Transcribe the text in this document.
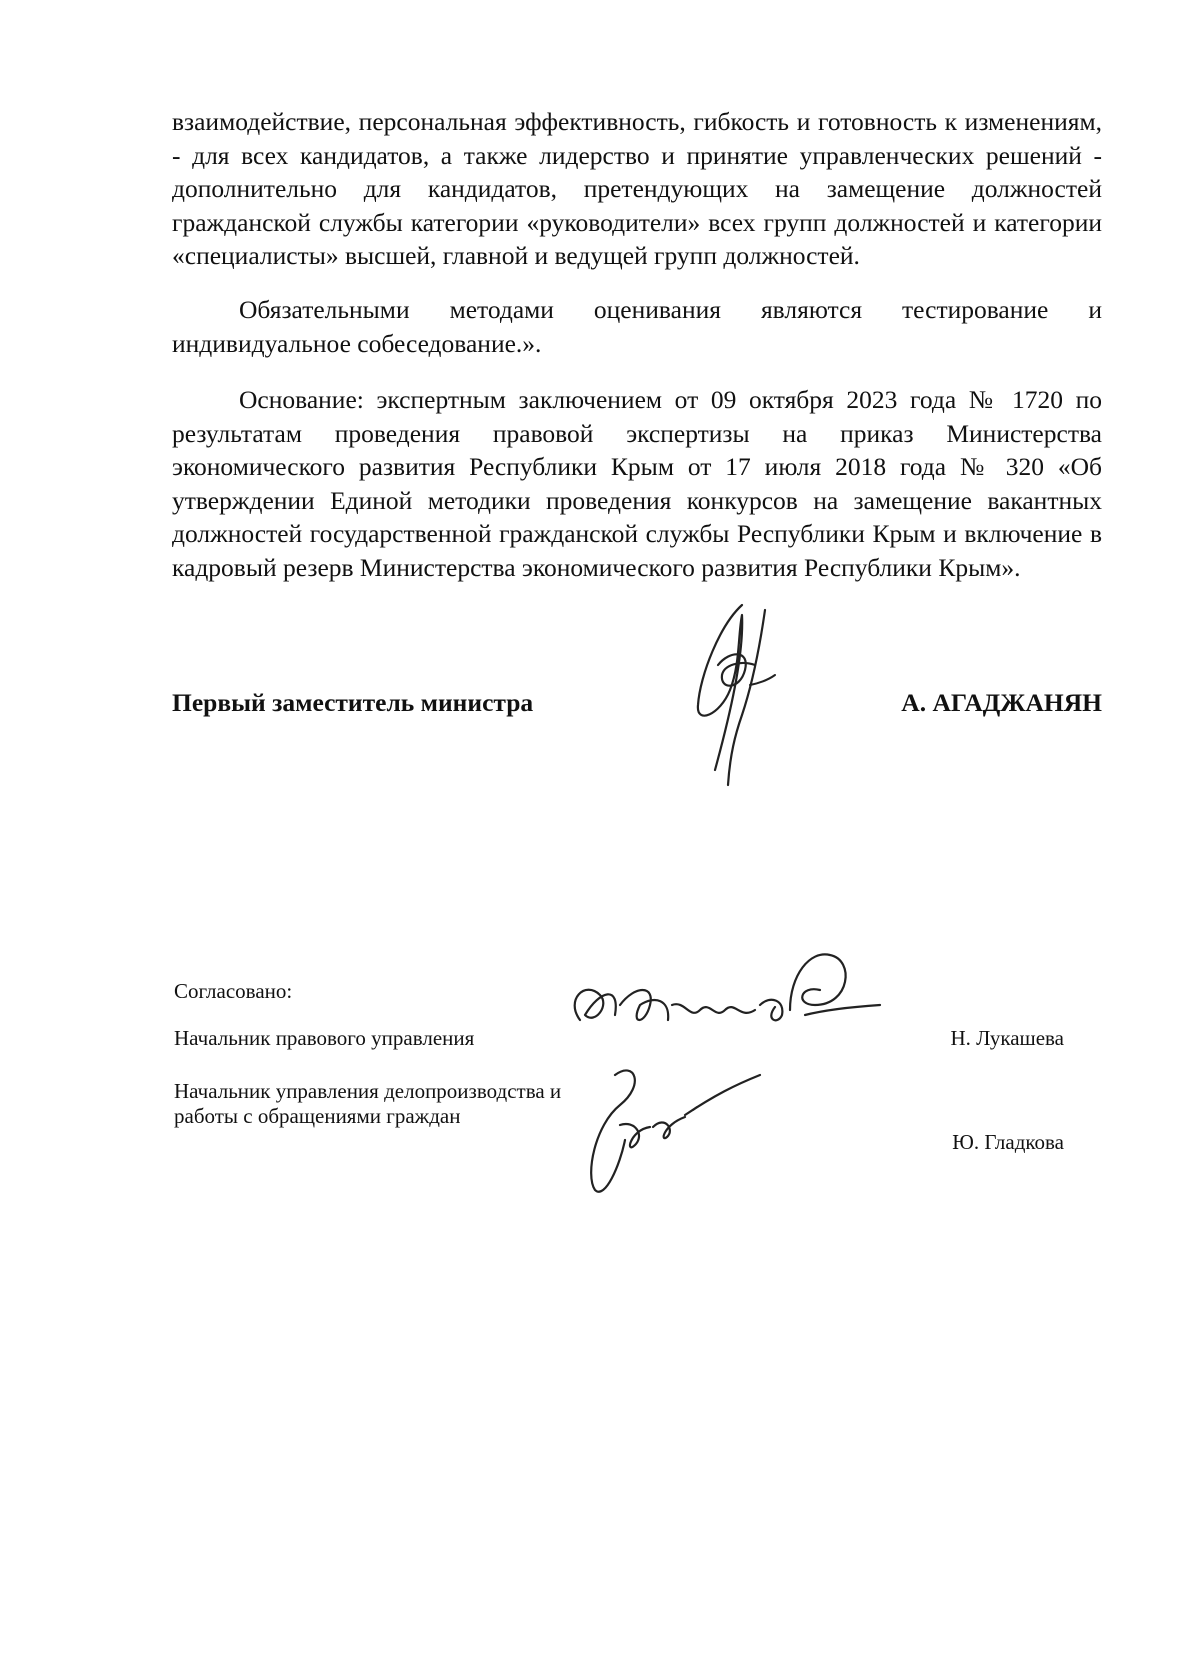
взаимодействие, персональная эффективность, гибкость и готовность к изменениям, - для всех кандидатов, а также лидерство и принятие управленческих решений - дополнительно для кандидатов, претендующих на замещение должностей гражданской службы категории «руководители» всех групп должностей и категории «специалисты» высшей, главной и ведущей групп должностей.

Обязательными методами оценивания являются тестирование и индивидуальное собеседование.».

Основание: экспертным заключением от 09 октября 2023 года № 1720 по результатам проведения правовой экспертизы на приказ Министерства экономического развития Республики Крым от 17 июля 2018 года № 320 «Об утверждении Единой методики проведения конкурсов на замещение вакантных должностей государственной гражданской службы Республики Крым и включение в кадровый резерв Министерства экономического развития Республики Крым».

Первый заместитель министра	А. АГАДЖАНЯН
Согласовано:
Начальник правового управления	Н. Лукашева
Начальник управления делопроизводства и работы с обращениями граждан
Ю. Гладкова
